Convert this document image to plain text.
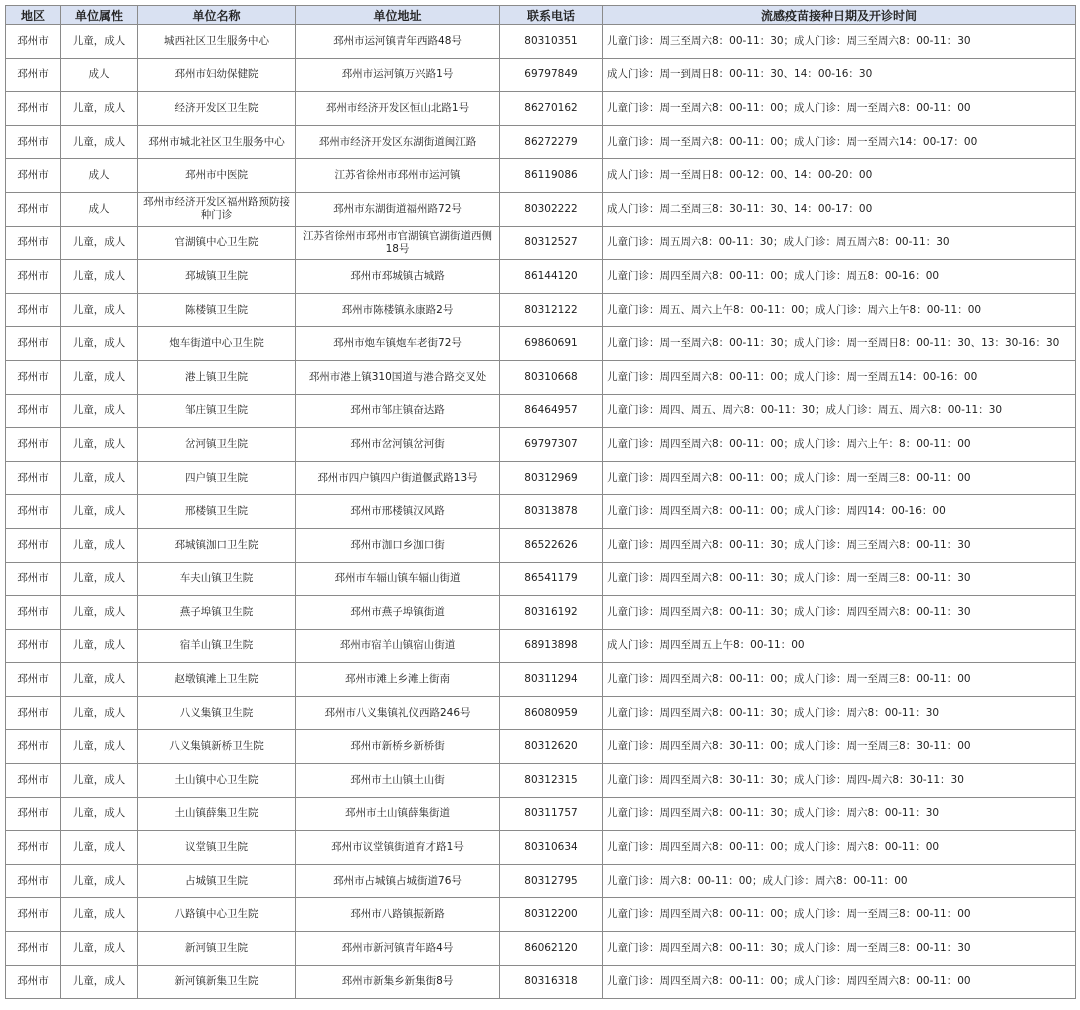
地区	单位属性	单位名称	单位地址	联系电话	流感疫苗接种日期及开诊时间
邳州市	儿童，成人	城西社区卫生服务中心	邳州市运河镇青年西路48号	80310351	儿童门诊：周三至周六8：00-11：30；成人门诊：周三至周六8：00-11：30
邳州市	成人	邳州市妇幼保健院	邳州市运河镇万兴路1号	69797849	成人门诊：周一到周日8：00-11：30、14：00-16：30
邳州市	儿童，成人	经济开发区卫生院	邳州市经济开发区恒山北路1号	86270162	儿童门诊：周一至周六8：00-11：00；成人门诊：周一至周六8：00-11：00
邳州市	儿童，成人	邳州市城北社区卫生服务中心	邳州市经济开发区东湖街道闽江路	86272279	儿童门诊：周一至周六8：00-11：00；成人门诊：周一至周六14：00-17：00
邳州市	成人	邳州市中医院	江苏省徐州市邳州市运河镇	86119086	成人门诊：周一至周日8：00-12：00、14：00-20：00
邳州市	成人	邳州市经济开发区福州路预防接种门诊	邳州市东湖街道福州路72号	80302222	成人门诊：周二至周三8：30-11：30、14：00-17：00
邳州市	儿童，成人	官湖镇中心卫生院	江苏省徐州市邳州市官湖镇官湖街道西侧18号	80312527	儿童门诊：周五周六8：00-11：30；成人门诊：周五周六8：00-11：30
邳州市	儿童，成人	邳城镇卫生院	邳州市邳城镇古城路	86144120	儿童门诊：周四至周六8：00-11：00；成人门诊：周五8：00-16：00
邳州市	儿童，成人	陈楼镇卫生院	邳州市陈楼镇永康路2号	80312122	儿童门诊：周五、周六上午8：00-11：00；成人门诊：周六上午8：00-11：00
邳州市	儿童，成人	炮车街道中心卫生院	邳州市炮车镇炮车老街72号	69860691	儿童门诊：周一至周六8：00-11：30；成人门诊：周一至周日8：00-11：30、13：30-16：30
邳州市	儿童，成人	港上镇卫生院	邳州市港上镇310国道与港合路交叉处	80310668	儿童门诊：周四至周六8：00-11：00；成人门诊：周一至周五14：00-16：00
邳州市	儿童，成人	邹庄镇卫生院	邳州市邹庄镇奋达路	86464957	儿童门诊：周四、周五、周六8：00-11：30；成人门诊：周五、周六8：00-11：30
邳州市	儿童，成人	岔河镇卫生院	邳州市岔河镇岔河街	69797307	儿童门诊：周四至周六8：00-11：00；成人门诊：周六上午：8：00-11：00
邳州市	儿童，成人	四户镇卫生院	邳州市四户镇四户街道偃武路13号	80312969	儿童门诊：周四至周六8：00-11：00；成人门诊：周一至周三8：00-11：00
邳州市	儿童，成人	邢楼镇卫生院	邳州市邢楼镇汉风路	80313878	儿童门诊：周四至周六8：00-11：00；成人门诊：周四14：00-16：00
邳州市	儿童，成人	邳城镇泇口卫生院	邳州市泇口乡泇口街	86522626	儿童门诊：周四至周六8：00-11：30；成人门诊：周三至周六8：00-11：30
邳州市	儿童，成人	车夫山镇卫生院	邳州市车辐山镇车辐山街道	86541179	儿童门诊：周四至周六8：00-11：30；成人门诊：周一至周三8：00-11：30
邳州市	儿童，成人	燕子埠镇卫生院	邳州市燕子埠镇街道	80316192	儿童门诊：周四至周六8：00-11：30；成人门诊：周四至周六8：00-11：30
邳州市	儿童，成人	宿羊山镇卫生院	邳州市宿羊山镇宿山街道	68913898	成人门诊：周四至周五上午8：00-11：00
邳州市	儿童，成人	赵墩镇滩上卫生院	邳州市滩上乡滩上街南	80311294	儿童门诊：周四至周六8：00-11：00；成人门诊：周一至周三8：00-11：00
邳州市	儿童，成人	八义集镇卫生院	邳州市八义集镇礼仪西路246号	86080959	儿童门诊：周四至周六8：00-11：30；成人门诊：周六8：00-11：30
邳州市	儿童，成人	八义集镇新桥卫生院	邳州市新桥乡新桥街	80312620	儿童门诊：周四至周六8：30-11：00；成人门诊：周一至周三8：30-11：00
邳州市	儿童，成人	土山镇中心卫生院	邳州市土山镇土山街	80312315	儿童门诊：周四至周六8：30-11：30；成人门诊：周四-周六8：30-11：30
邳州市	儿童，成人	土山镇薛集卫生院	邳州市土山镇薛集街道	80311757	儿童门诊：周四至周六8：00-11：30；成人门诊：周六8：00-11：30
邳州市	儿童，成人	议堂镇卫生院	邳州市议堂镇街道育才路1号	80310634	儿童门诊：周四至周六8：00-11：00；成人门诊：周六8：00-11：00
邳州市	儿童，成人	占城镇卫生院	邳州市占城镇占城街道76号	80312795	儿童门诊：周六8：00-11：00；成人门诊：周六8：00-11：00
邳州市	儿童，成人	八路镇中心卫生院	邳州市八路镇振新路	80312200	儿童门诊：周四至周六8：00-11：00；成人门诊：周一至周三8：00-11：00
邳州市	儿童，成人	新河镇卫生院	邳州市新河镇青年路4号	86062120	儿童门诊：周四至周六8：00-11：30；成人门诊：周一至周三8：00-11：30
邳州市	儿童，成人	新河镇新集卫生院	邳州市新集乡新集街8号	80316318	儿童门诊：周四至周六8：00-11：00；成人门诊：周四至周六8：00-11：00
